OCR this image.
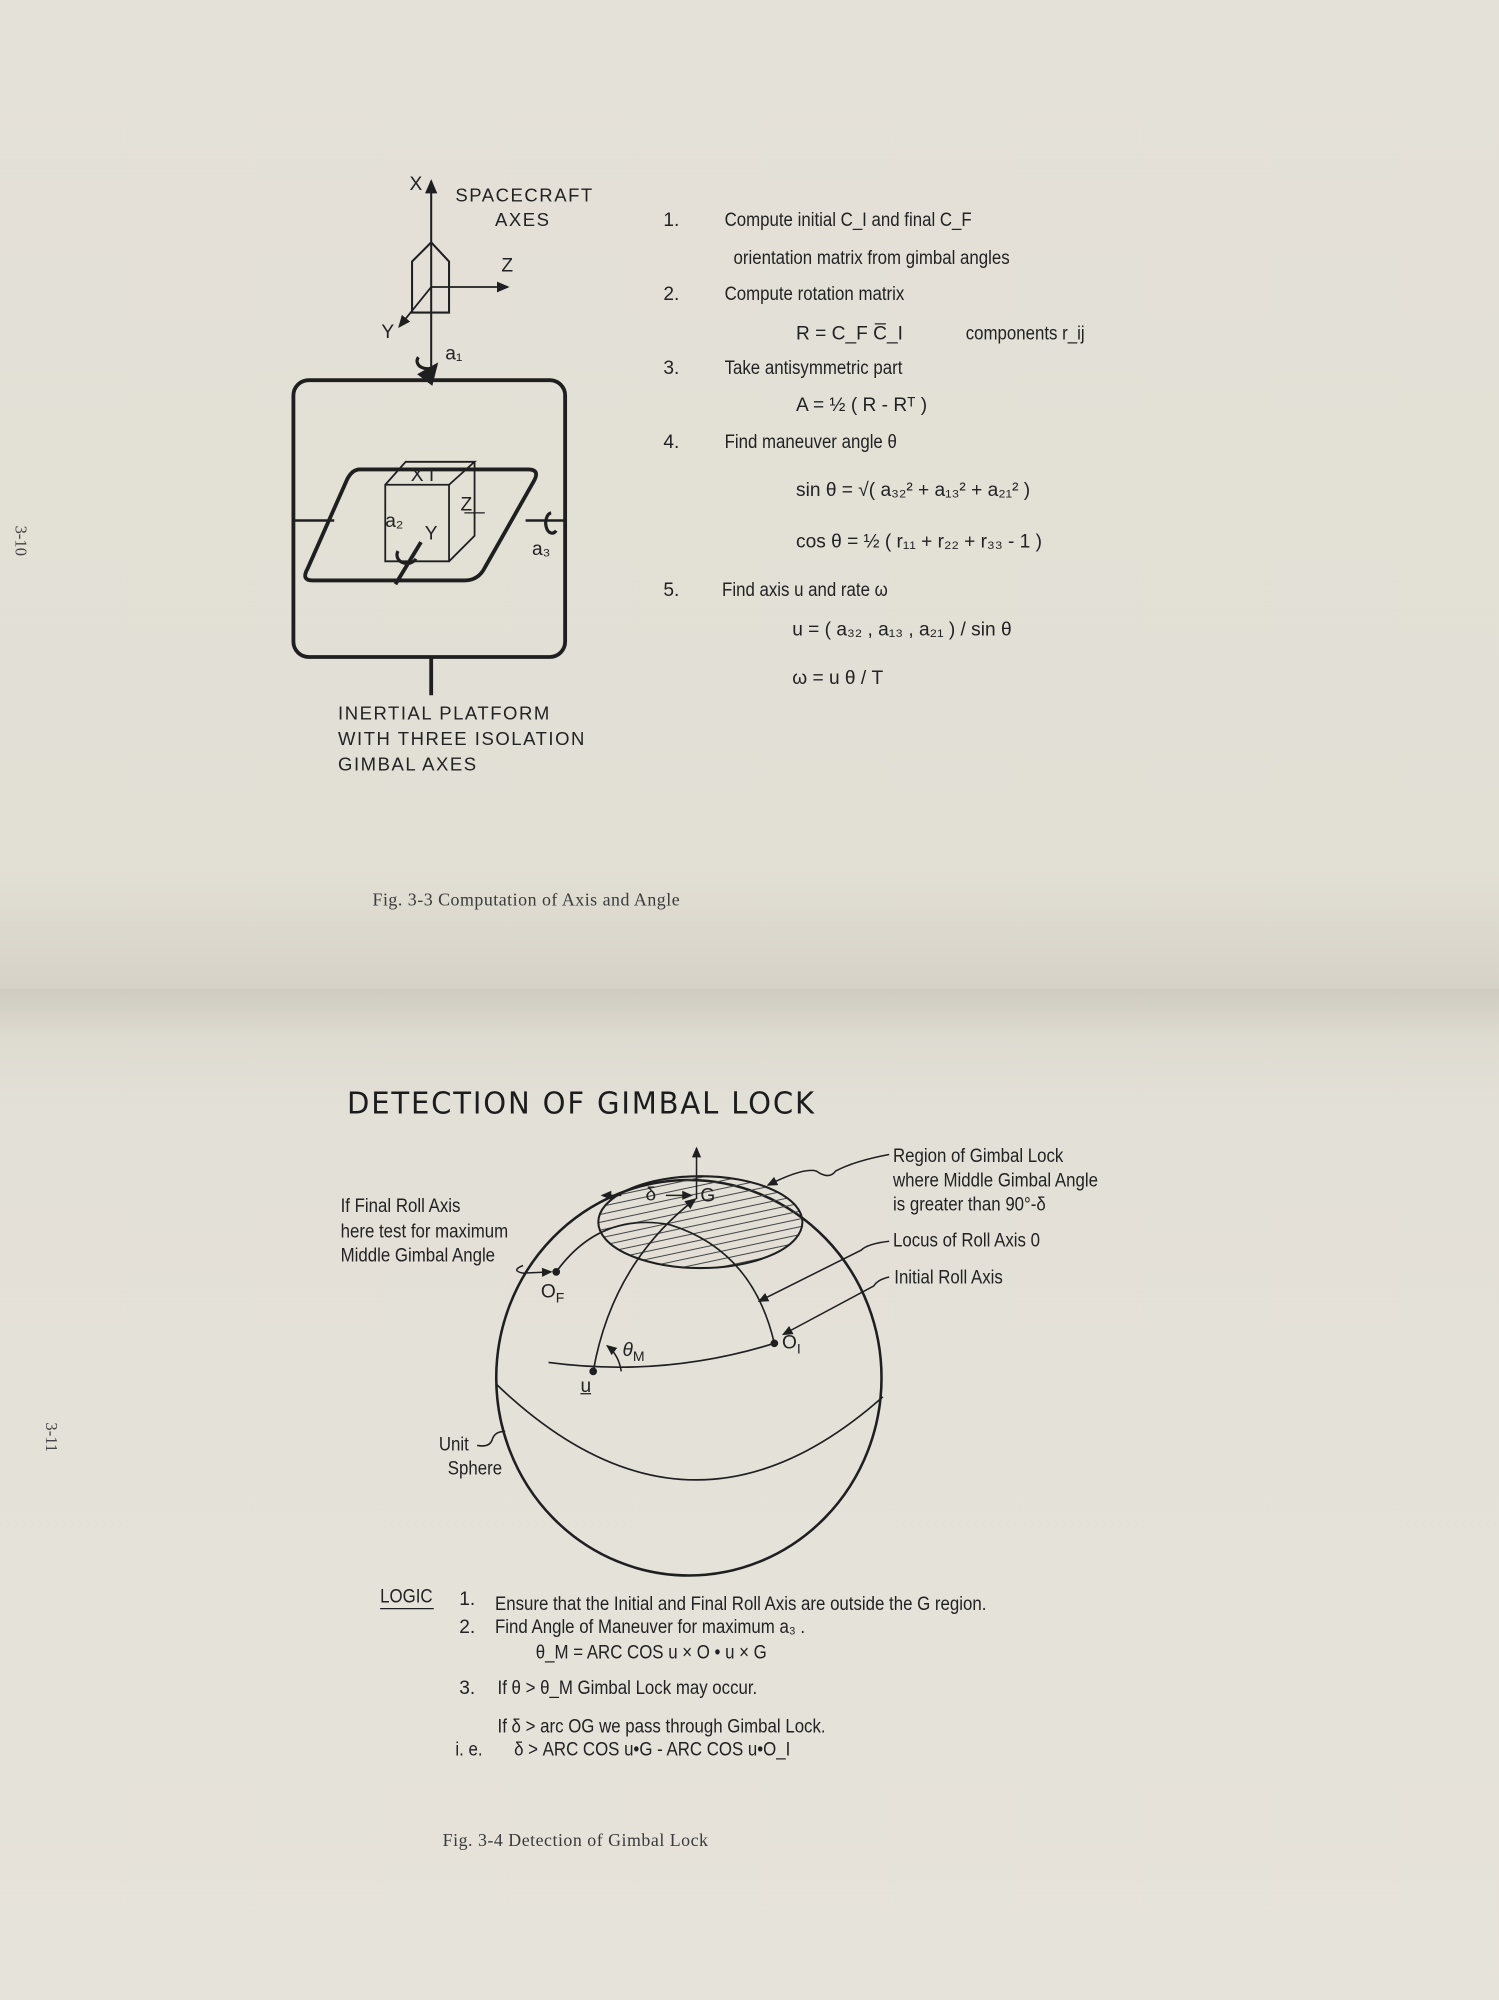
3-10
3-11
X
SPACECRAFT
AXES
Z
Y
a₁
X I
Z
a₂
Y
a₃
INERTIAL PLATFORM
WITH THREE ISOLATION
GIMBAL AXES
1.	Compute initial C_I and final C_F
orientation matrix from gimbal angles
2.	Compute rotation matrix
R = C_F C̅_I	components r_ij
3.	Take antisymmetric part
A = ½ ( R - Rᵀ )
4.	Find maneuver angle θ
sin θ = √( a₃₂² + a₁₃² + a₂₁² )
cos θ = ½ ( r₁₁ + r₂₂ + r₃₃ - 1 )
5.	Find axis u and rate ω
u = ( a₃₂ , a₁₃ , a₂₁ ) / sin θ
ω = u θ / T
Fig. 3-3 Computation of Axis and Angle
DETECTION OF GIMBAL LOCK
Region of Gimbal Lock
where Middle Gimbal Angle
is greater than 90°-δ
Locus of Roll Axis 0
Initial Roll Axis
If Final Roll Axis
here test for maximum
Middle Gimbal Angle
G
δ
$O_F$
$O_I$
u
$\theta_M$
Unit
Sphere
LOGIC 1. Ensure that the Initial and Final Roll Axis are outside the G region.
2. Find Angle of Maneuver for maximum a₃ .
θ_M = ARC COS u × O • u × G
3. If θ > θ_M Gimbal Lock may occur.
If δ > arc OG we pass through Gimbal Lock.
i. e. δ > ARC COS u•G - ARC COS u•O_I
Fig. 3-4 Detection of Gimbal Lock
